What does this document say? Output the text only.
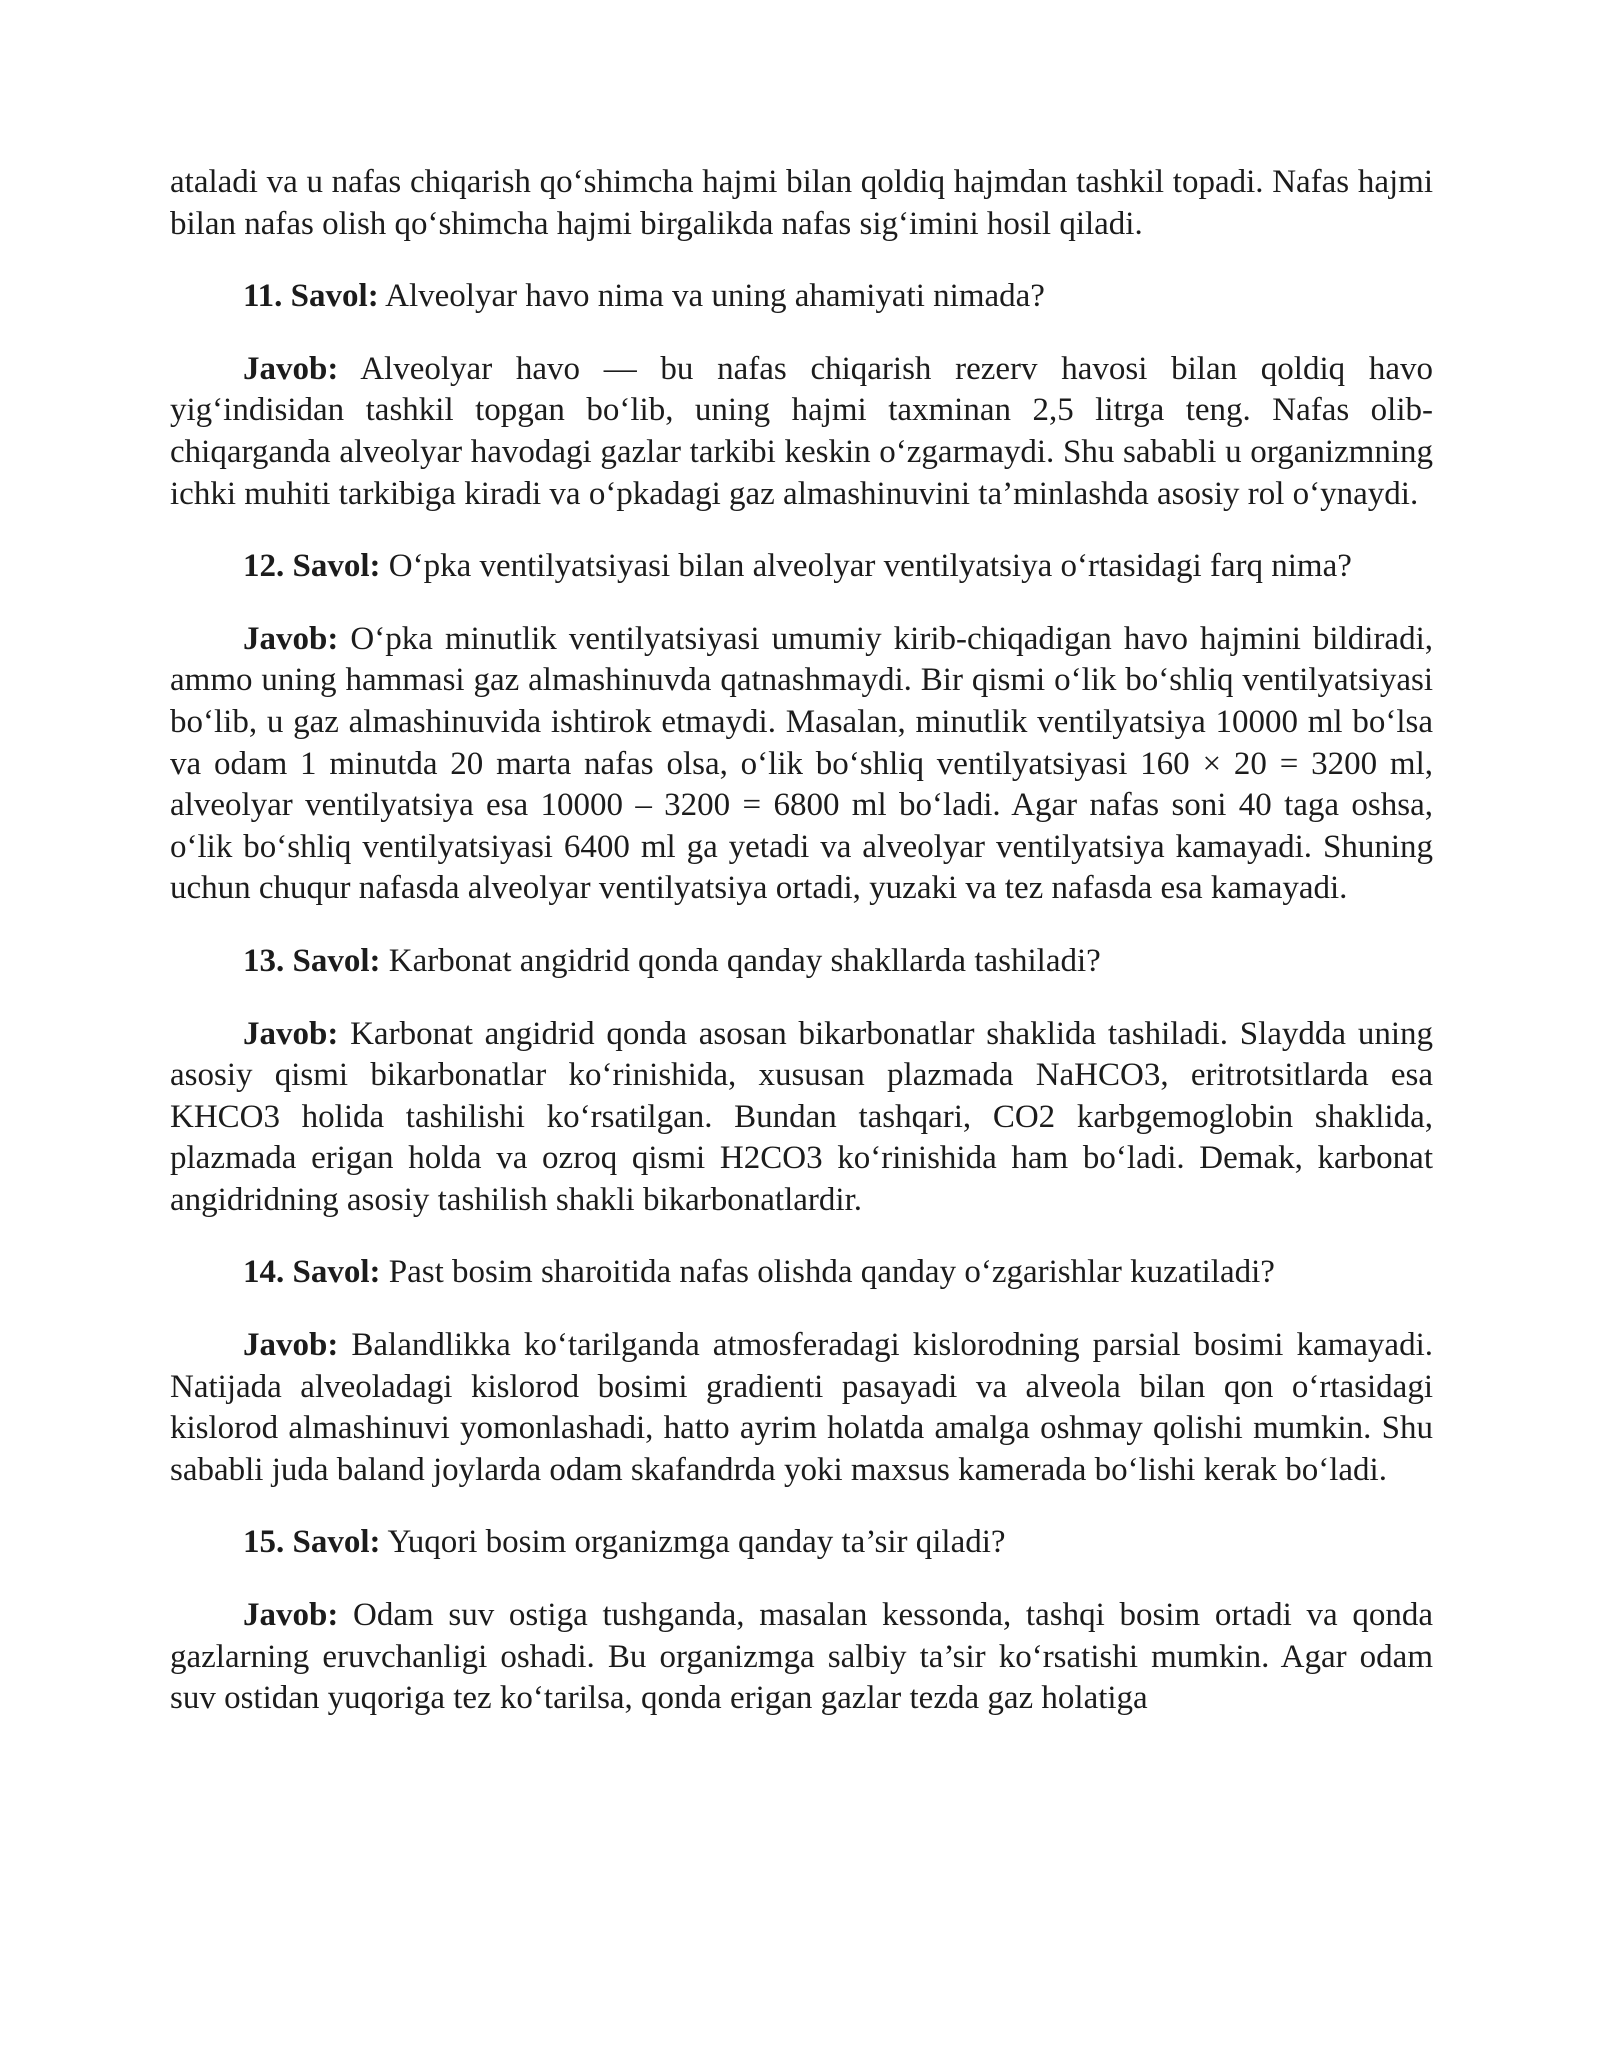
ataladi va u nafas chiqarish qo‘shimcha hajmi bilan qoldiq hajmdan tashkil topadi. Nafas hajmi bilan nafas olish qo‘shimcha hajmi birgalikda nafas sig‘imini hosil qiladi.

11. Savol: Alveolyar havo nima va uning ahamiyati nimada?

Javob: Alveolyar havo — bu nafas chiqarish rezerv havosi bilan qoldiq havo yig‘indisidan tashkil topgan bo‘lib, uning hajmi taxminan 2,5 litrga teng. Nafas olib-chiqarganda alveolyar havodagi gazlar tarkibi keskin o‘zgarmaydi. Shu sababli u organizmning ichki muhiti tarkibiga kiradi va o‘pkadagi gaz almashinuvini ta’minlashda asosiy rol o‘ynaydi.

12. Savol: O‘pka ventilyatsiyasi bilan alveolyar ventilyatsiya o‘rtasidagi farq nima?

Javob: O‘pka minutlik ventilyatsiyasi umumiy kirib-chiqadigan havo hajmini bildiradi, ammo uning hammasi gaz almashinuvda qatnashmaydi. Bir qismi o‘lik bo‘shliq ventilyatsiyasi bo‘lib, u gaz almashinuvida ishtirok etmaydi. Masalan, minutlik ventilyatsiya 10000 ml bo‘lsa va odam 1 minutda 20 marta nafas olsa, o‘lik bo‘shliq ventilyatsiyasi 160 × 20 = 3200 ml, alveolyar ventilyatsiya esa 10000 – 3200 = 6800 ml bo‘ladi. Agar nafas soni 40 taga oshsa, o‘lik bo‘shliq ventilyatsiyasi 6400 ml ga yetadi va alveolyar ventilyatsiya kamayadi. Shuning uchun chuqur nafasda alveolyar ventilyatsiya ortadi, yuzaki va tez nafasda esa kamayadi.

13. Savol: Karbonat angidrid qonda qanday shakllarda tashiladi?

Javob: Karbonat angidrid qonda asosan bikarbonatlar shaklida tashiladi. Slaydda uning asosiy qismi bikarbonatlar ko‘rinishida, xususan plazmada NaHCO3, eritrotsitlarda esa KHCO3 holida tashilishi ko‘rsatilgan. Bundan tashqari, CO2 karbgemoglobin shaklida, plazmada erigan holda va ozroq qismi H2CO3 ko‘rinishida ham bo‘ladi. Demak, karbonat angidridning asosiy tashilish shakli bikarbonatlardir.

14. Savol: Past bosim sharoitida nafas olishda qanday o‘zgarishlar kuzatiladi?

Javob: Balandlikka ko‘tarilganda atmosferadagi kislorodning parsial bosimi kamayadi. Natijada alveoladagi kislorod bosimi gradienti pasayadi va alveola bilan qon o‘rtasidagi kislorod almashinuvi yomonlashadi, hatto ayrim holatda amalga oshmay qolishi mumkin. Shu sababli juda baland joylarda odam skafandrda yoki maxsus kamerada bo‘lishi kerak bo‘ladi.

15. Savol: Yuqori bosim organizmga qanday ta’sir qiladi?

Javob: Odam suv ostiga tushganda, masalan kessonda, tashqi bosim ortadi va qonda gazlarning eruvchanligi oshadi. Bu organizmga salbiy ta’sir ko‘rsatishi mumkin. Agar odam suv ostidan yuqoriga tez ko‘tarilsa, qonda erigan gazlar tezda gaz holatiga
